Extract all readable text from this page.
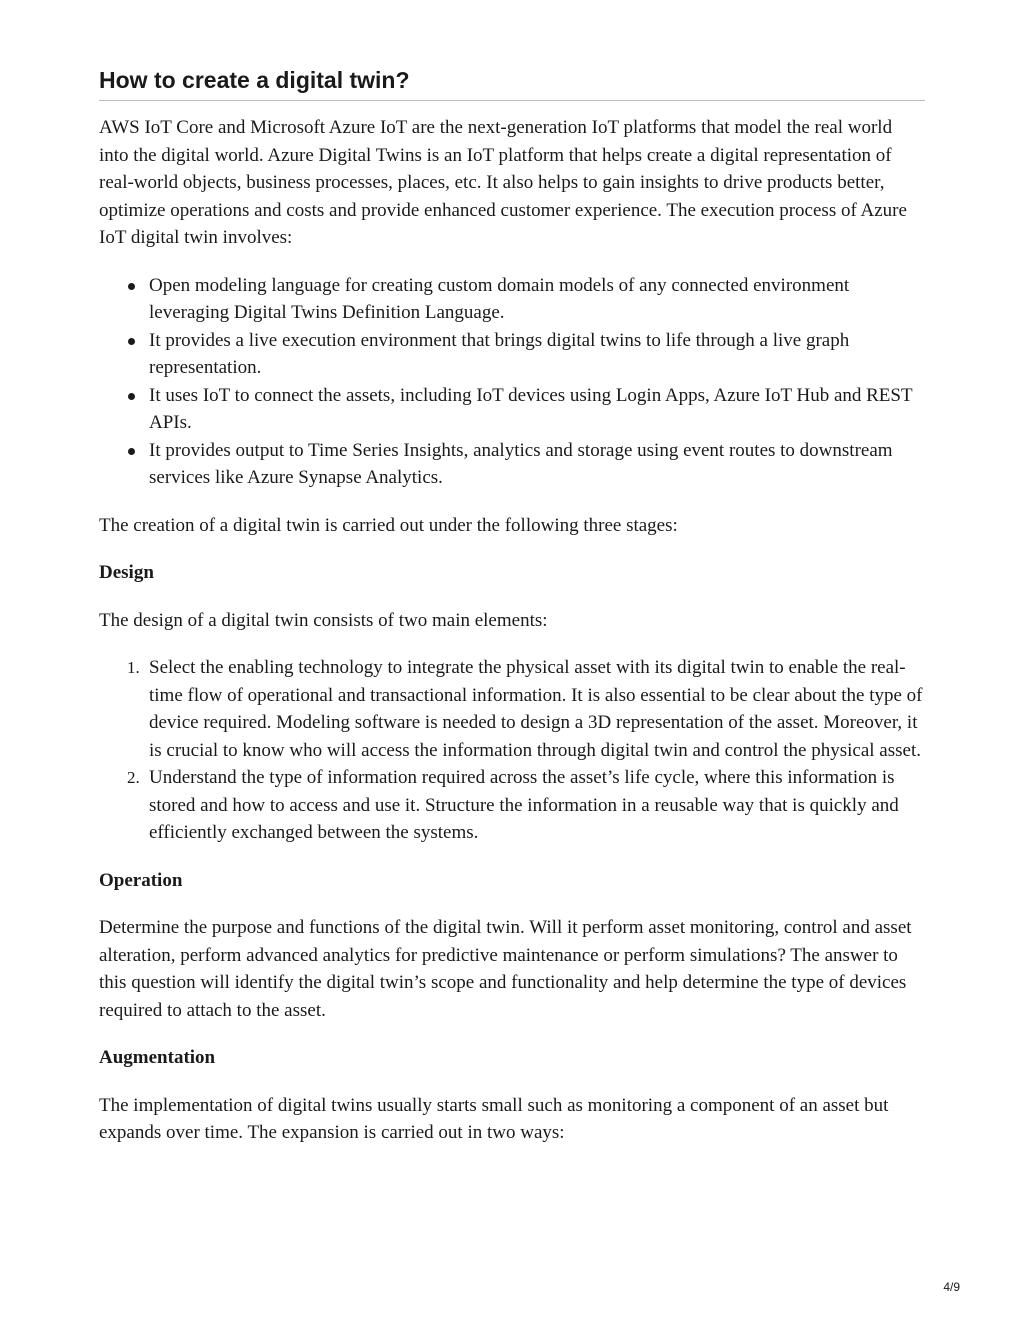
How to create a digital twin?

AWS IoT Core and Microsoft Azure IoT are the next-generation IoT platforms that model the real world into the digital world. Azure Digital Twins is an IoT platform that helps create a digital representation of real-world objects, business processes, places, etc. It also helps to gain insights to drive products better, optimize operations and costs and provide enhanced customer experience. The execution process of Azure IoT digital twin involves:

Open modeling language for creating custom domain models of any connected environment leveraging Digital Twins Definition Language.
It provides a live execution environment that brings digital twins to life through a live graph representation.
It uses IoT to connect the assets, including IoT devices using Login Apps, Azure IoT Hub and REST APIs.
It provides output to Time Series Insights, analytics and storage using event routes to downstream services like Azure Synapse Analytics.

The creation of a digital twin is carried out under the following three stages:

Design

The design of a digital twin consists of two main elements:

1. Select the enabling technology to integrate the physical asset with its digital twin to enable the real-time flow of operational and transactional information. It is also essential to be clear about the type of device required. Modeling software is needed to design a 3D representation of the asset. Moreover, it is crucial to know who will access the information through digital twin and control the physical asset.
2. Understand the type of information required across the asset’s life cycle, where this information is stored and how to access and use it. Structure the information in a reusable way that is quickly and efficiently exchanged between the systems.
Operation

Determine the purpose and functions of the digital twin. Will it perform asset monitoring, control and asset alteration, perform advanced analytics for predictive maintenance or perform simulations? The answer to this question will identify the digital twin’s scope and functionality and help determine the type of devices required to attach to the asset.

Augmentation

The implementation of digital twins usually starts small such as monitoring a component of an asset but expands over time. The expansion is carried out in two ways:

4/9
